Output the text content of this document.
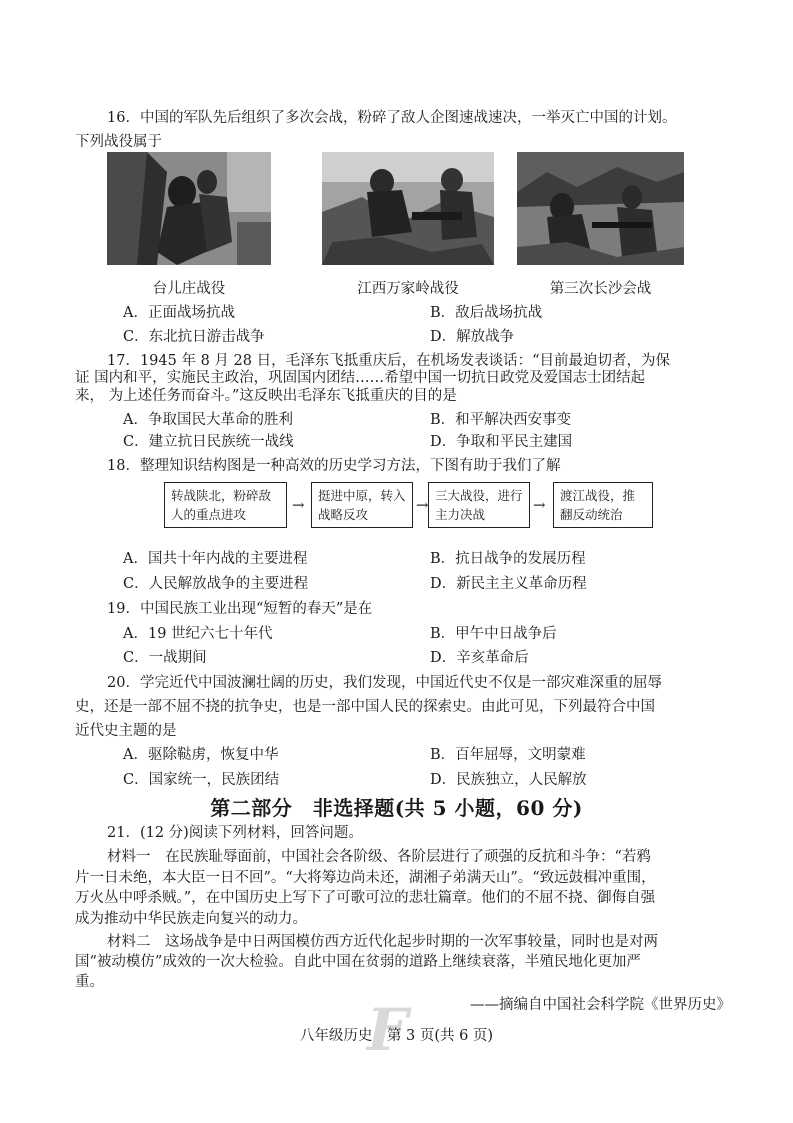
16．中国的军队先后组织了多次会战，粉碎了敌人企图速战速决，一举灭亡中国的计划。
下列战役属于
台儿庄战役	江西万家岭战役	第三次长沙会战
A．正面战场抗战	B．敌后战场抗战
C．东北抗日游击战争	D．解放战争
17．1945 年 8 月 28 日，毛泽东飞抵重庆后，在机场发表谈话：“目前最迫切者，为保
证 国内和平，实施民主政治，巩固国内团结……希望中国一切抗日政党及爱国志士团结起
来， 为上述任务而奋斗。”这反映出毛泽东飞抵重庆的目的是
A．争取国民大革命的胜利	B．和平解决西安事变
C．建立抗日民族统一战线	D．争取和平民主建国
18．整理知识结构图是一种高效的历史学习方法，下图有助于我们了解
转战陕北，粉碎敌人的重点进攻
→
挺进中原，转入战略反攻
→
三大战役，进行主力决战
→
渡江战役，推翻反动统治
A．国共十年内战的主要进程	B．抗日战争的发展历程
C．人民解放战争的主要进程	D．新民主主义革命历程
19．中国民族工业出现“短暂的春天”是在
A．19 世纪六七十年代	B．甲午中日战争后
C．一战期间	D．辛亥革命后
20．学完近代中国波澜壮阔的历史，我们发现，中国近代史不仅是一部灾难深重的屈辱
史，还是一部不屈不挠的抗争史，也是一部中国人民的探索史。由此可见，下列最符合中国
近代史主题的是
A．驱除鞑虏，恢复中华	B．百年屈辱，文明蒙难
C．国家统一，民族团结	D．民族独立，人民解放
第二部分　非选择题(共 5 小题，60 分)
21．(12 分)阅读下列材料，回答问题。
材料一　在民族耻辱面前，中国社会各阶级、各阶层进行了顽强的反抗和斗争：“若鸦
片一日未绝，本大臣一日不回”。“大将筹边尚未还，湖湘子弟满天山”。“致远鼓楫冲重围，
万火丛中呼杀贼。”，在中国历史上写下了可歌可泣的悲壮篇章。他们的不屈不挠、御侮自强
成为推动中华民族走向复兴的动力。
材料二　这场战争是中日两国模仿西方近代化起步时期的一次军事较量，同时也是对两
国“被动模仿”成效的一次大检验。自此中国在贫弱的道路上继续衰落，半殖民地化更加严
重。
——摘编自中国社会科学院《世界历史》
F
八年级历史　第 3 页(共 6 页)
